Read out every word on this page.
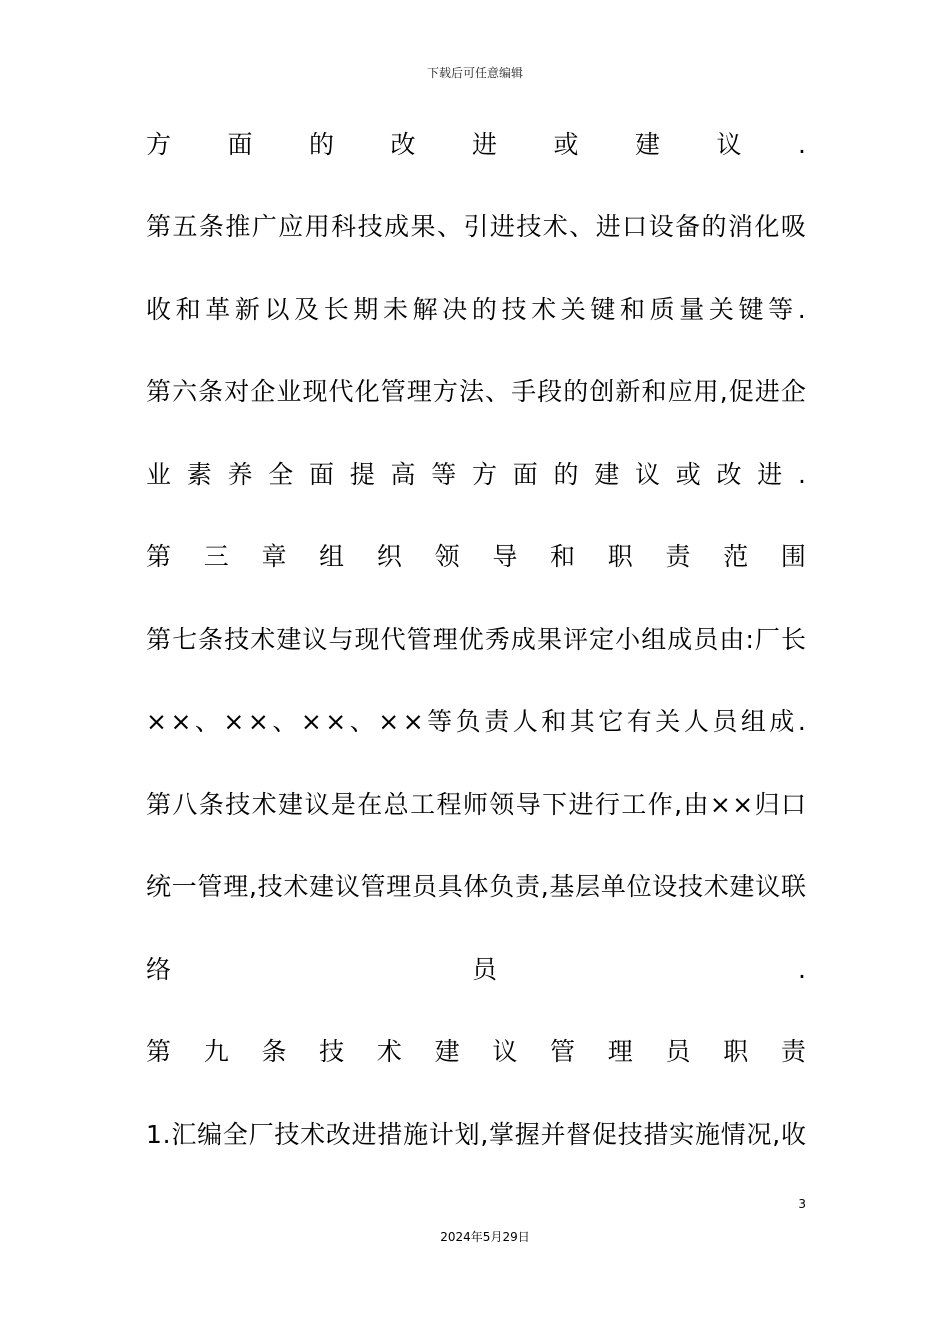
下载后可任意编辑
方 面 的 改 进 或 建 议 .
第 五 条 推 广 应 用 科 技 成 果 、 引 进 技 术 、 进 口 设 备 的 消 化 吸
收 和 革 新 以 及 长 期 未 解 决 的 技 术 关 键 和 质 量 关 键 等 .
第 六 条 对 企 业 现 代 化 管 理 方 法 、 手 段 的 创 新 和 应 用 , 促 进 企
业 素 养 全 面 提 高 等 方 面 的 建 议 或 改 进 .
第 三 章 组 织 领 导 和 职 责 范 围
第 七 条 技 术 建 议 与 现 代 管 理 优 秀 成 果 评 定 小 组 成 员 由 : 厂 长
× × 、 × × 、 × × 、 × × 等 负 责 人 和 其 它 有 关 人 员 组 成 .
第 八 条 技 术 建 议 是 在 总 工 程 师 领 导 下 进 行 工 作 , 由 × × 归 口
统 一 管 理 , 技 术 建 议 管 理 员 具 体 负 责 , 基 层 单 位 设 技 术 建 议 联
络	员	.
第 九 条 技 术 建 议 管 理 员 职 责
1 . 汇 编 全 厂 技 术 改 进 措 施 计 划 , 掌 握 并 督 促 技 措 实 施 情 况 , 收
3
2024年5月29日
